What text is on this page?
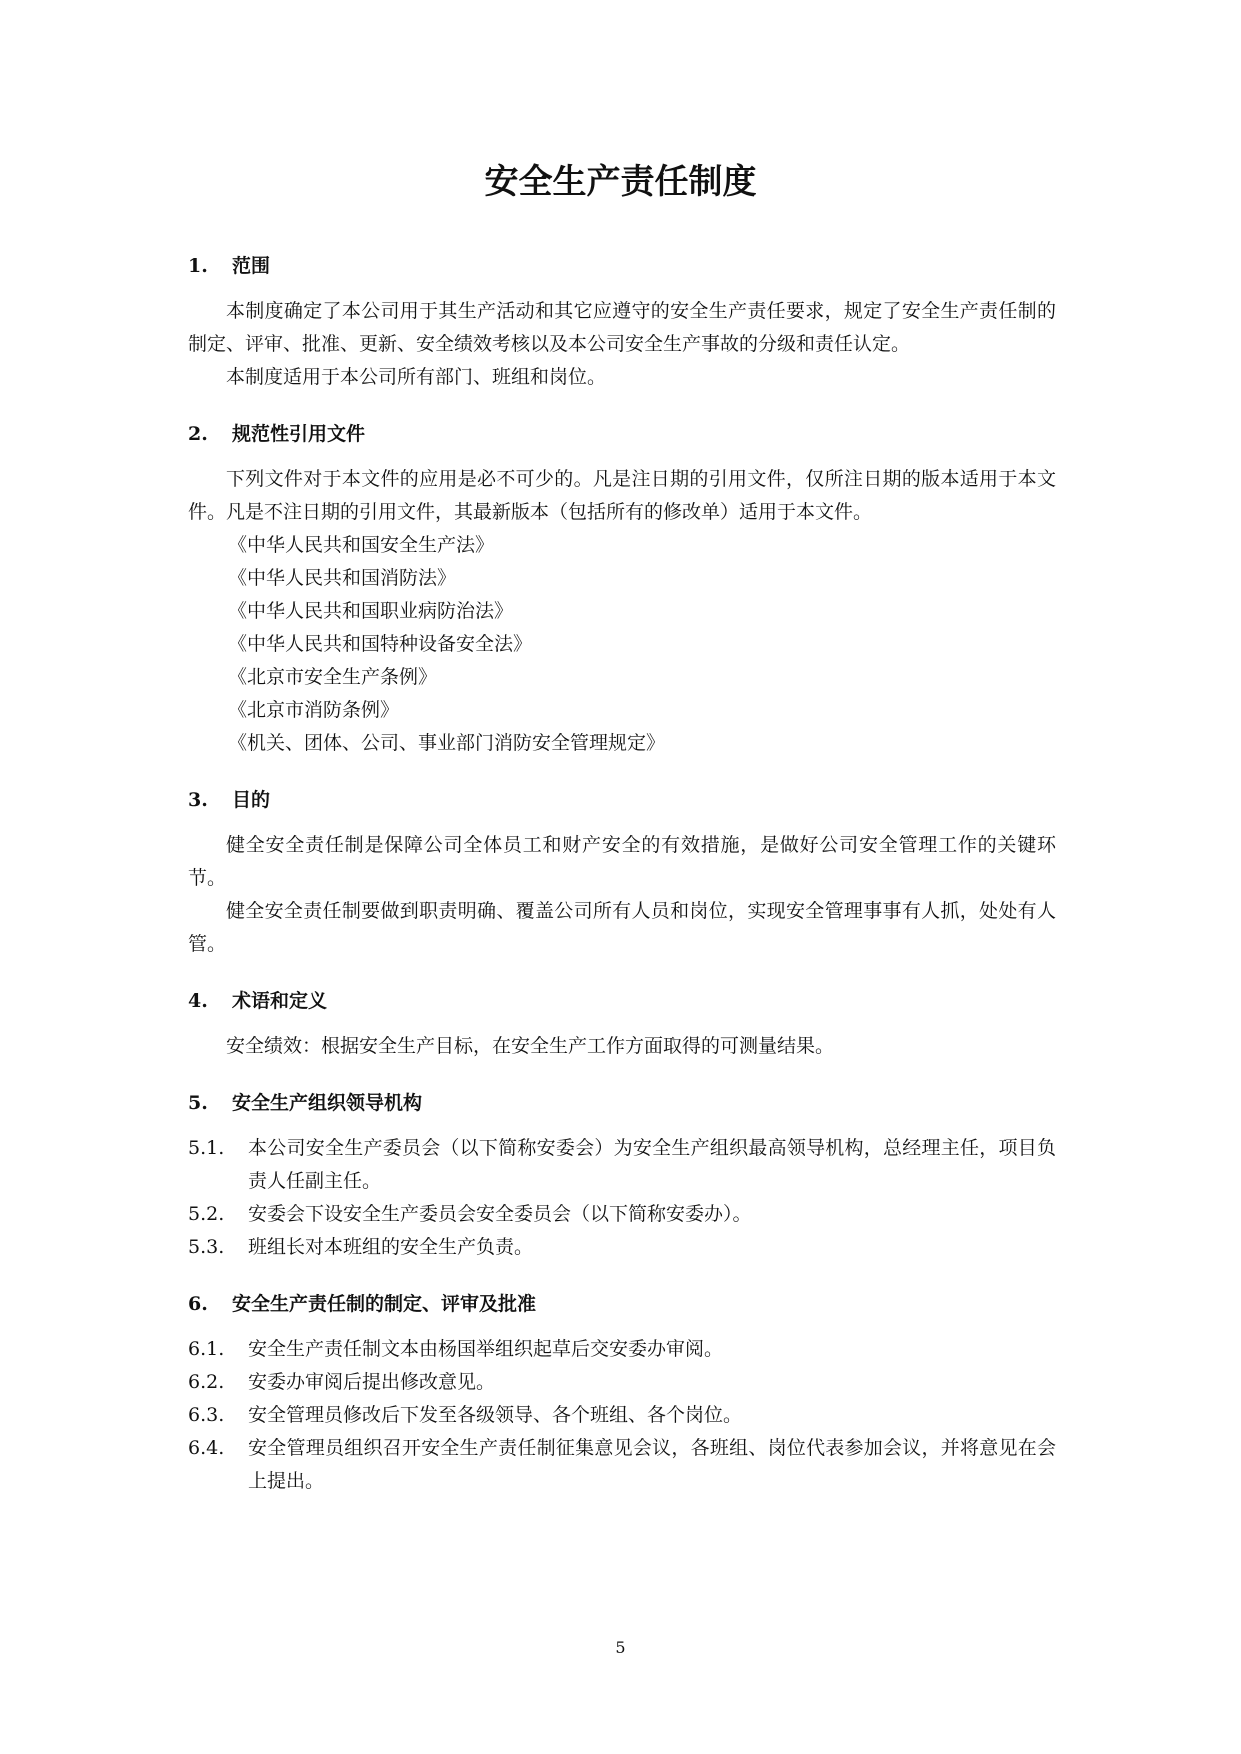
安全生产责任制度
1.	范围

本制度确定了本公司用于其生产活动和其它应遵守的安全生产责任要求，规定了安全生产责任制的制定、评审、批准、更新、安全绩效考核以及本公司安全生产事故的分级和责任认定。

本制度适用于本公司所有部门、班组和岗位。

2.	规范性引用文件

下列文件对于本文件的应用是必不可少的。凡是注日期的引用文件，仅所注日期的版本适用于本文件。凡是不注日期的引用文件，其最新版本（包括所有的修改单）适用于本文件。

《中华人民共和国安全生产法》

《中华人民共和国消防法》

《中华人民共和国职业病防治法》

《中华人民共和国特种设备安全法》

《北京市安全生产条例》

《北京市消防条例》

《机关、团体、公司、事业部门消防安全管理规定》

3.	目的

健全安全责任制是保障公司全体员工和财产安全的有效措施，是做好公司安全管理工作的关键环节。

健全安全责任制要做到职责明确、覆盖公司所有人员和岗位，实现安全管理事事有人抓，处处有人管。

4.	术语和定义

安全绩效：根据安全生产目标，在安全生产工作方面取得的可测量结果。

5.	安全生产组织领导机构
5.1.	本公司安全生产委员会（以下简称安委会）为安全生产组织最高领导机构，总经理主任，项目负责人任副主任。
5.2.	安委会下设安全生产委员会安全委员会（以下简称安委办）。
5.3.	班组长对本班组的安全生产负责。
6.	安全生产责任制的制定、评审及批准
6.1.	安全生产责任制文本由杨国举组织起草后交安委办审阅。
6.2.	安委办审阅后提出修改意见。
6.3.	安全管理员修改后下发至各级领导、各个班组、各个岗位。
6.4.	安全管理员组织召开安全生产责任制征集意见会议，各班组、岗位代表参加会议，并将意见在会上提出。
5
